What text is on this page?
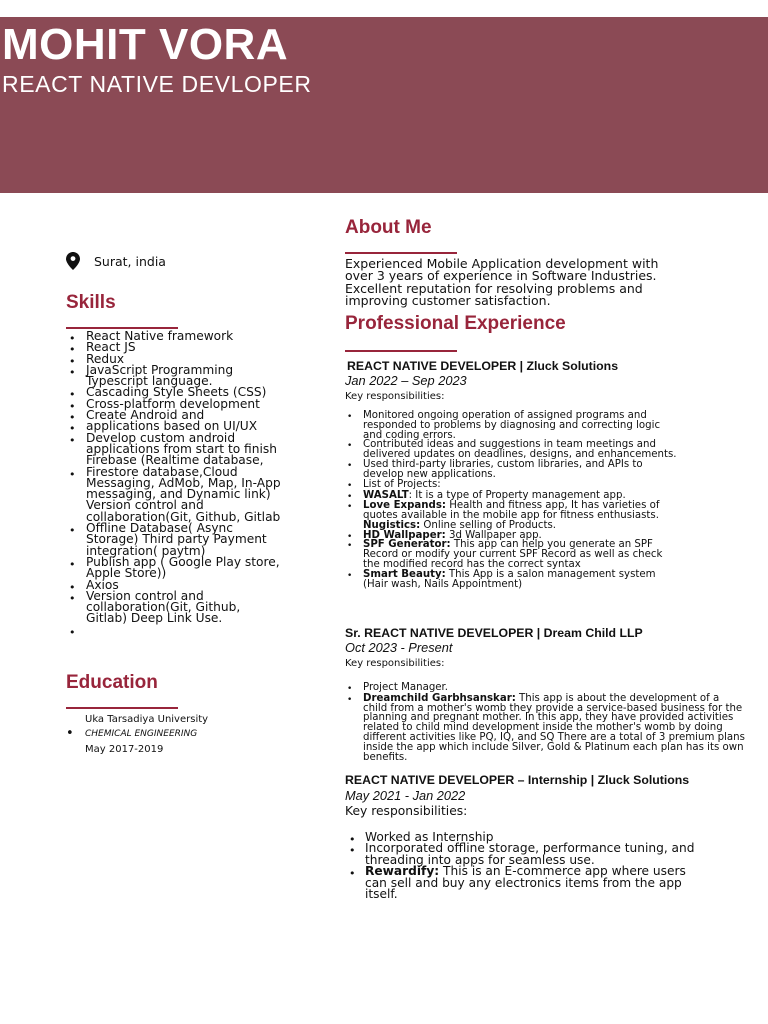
MOHIT VORA
REACT NATIVE DEVLOPER
Surat, india
Skills
• React Native framework
• React JS
• Redux
• JavaScript Programming
Typescript language.
• Cascading Style Sheets (CSS)
• Cross-platform development
• Create Android and
• applications based on UI/UX
• Develop custom android
applications from start to finish
Firebase (Realtime database,
• Firestore database,Cloud
Messaging, AdMob, Map, In-App
messaging, and Dynamic link)
Version control and
collaboration(Git, Github, Gitlab
• Offline Database( Async
Storage) Third party Payment
integration( paytm)
• Publish app ( Google Play store,
Apple Store))
• Axios
• Version control and
collaboration(Git, Github,
Gitlab) Deep Link Use.
Education
•
Uka Tarsadiya University
CHEMICAL ENGINEERING
May 2017-2019
About Me
Experienced Mobile Application development with over 3 years of experience in Software Industries. Excellent reputation for resolving problems and improving customer satisfaction.
Professional Experience
REACT NATIVE DEVELOPER | Zluck Solutions
Jan 2022 – Sep 2023
Key responsibilities:
• Monitored ongoing operation of assigned programs and responded to problems by diagnosing and correcting logic and coding errors.
• Contributed ideas and suggestions in team meetings and delivered updates on deadlines, designs, and enhancements.
• Used third-party libraries, custom libraries, and APIs to develop new applications.
• List of Projects:
• WASALT: It is a type of Property management app.
• Love Expands: Health and fitness app, It has varieties of quotes available in the mobile app for fitness enthusiasts. Nugistics: Online selling of Products.
• HD Wallpaper: 3d Wallpaper app.
• SPF Generator: This app can help you generate an SPF Record or modify your current SPF Record as well as check the modified record has the correct syntax
• Smart Beauty: This App is a salon management system (Hair wash, Nails Appointment)
Sr. REACT NATIVE DEVELOPER | Dream Child LLP
Oct 2023 - Present
Key responsibilities:
• Project Manager.
• Dreamchild Garbhsanskar: This app is about the development of a child from a mother's womb they provide a service-based business for the planning and pregnant mother. In this app, they have provided activities related to child mind development inside the mother's womb by doing different activities like PQ, IQ, and SQ There are a total of 3 premium plans inside the app which include Silver, Gold & Platinum each plan has its own benefits.
REACT NATIVE DEVELOPER – Internship | Zluck Solutions
May 2021 - Jan 2022
Key responsibilities:
• Worked as Internship
• Incorporated offline storage, performance tuning, and threading into apps for seamless use.
• Rewardify: This is an E-commerce app where users can sell and buy any electronics items from the app itself.
